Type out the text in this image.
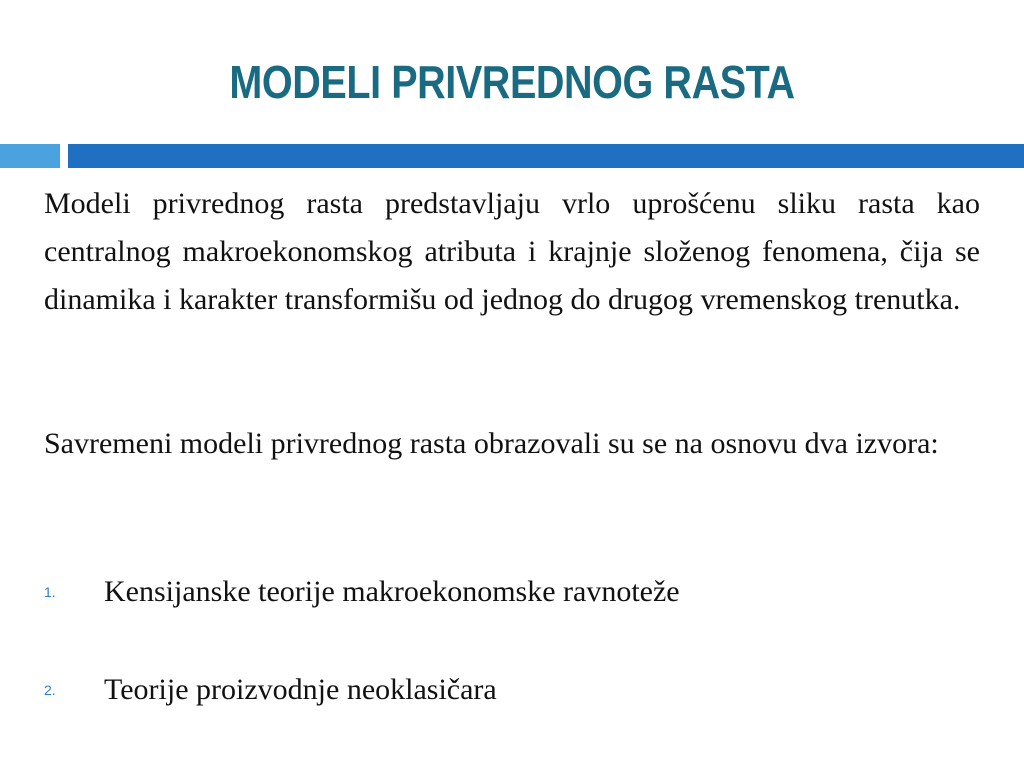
MODELI PRIVREDNOG RASTA

Modeli privrednog rasta predstavljaju vrlo uprošćenu sliku rasta kao centralnog makroekonomskog atributa i krajnje složenog fenomena, čija se dinamika i karakter transformišu od jednog do drugog vremenskog trenutka.

Savremeni modeli privrednog rasta obrazovali su se na osnovu dva izvora:

1. Kensijanske teorije makroekonomske ravnoteže
2. Teorije proizvodnje neoklasičara
